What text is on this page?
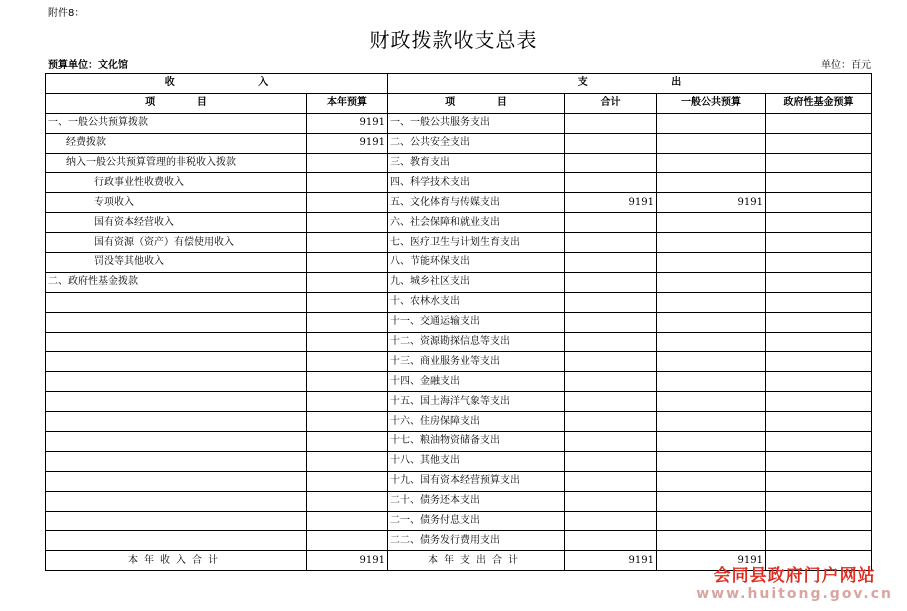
附件8：
财政拨款收支总表
预算单位：文化馆	单位：百元
收                        入		支                        出			
项            目	本年预算	项            目	合计	一般公共预算	政府性基金预算
一、一般公共预算拨款	9191	一、一般公共服务支出			
经费拨款	9191	二、公共安全支出			
纳入一般公共预算管理的非税收入拨款		三、教育支出			
行政事业性收费收入		四、科学技术支出			
专项收入		五、文化体育与传媒支出	9191	9191	
国有资本经营收入		六、社会保障和就业支出			
国有资源（资产）有偿使用收入		七、医疗卫生与计划生育支出			
罚没等其他收入		八、节能环保支出			
二、政府性基金拨款		九、城乡社区支出			
		十、农林水支出			
		十一、交通运输支出			
		十二、资源勘探信息等支出			
		十三、商业服务业等支出			
		十四、金融支出			
		十五、国土海洋气象等支出			
		十六、住房保障支出			
		十七、粮油物资储备支出			
		十八、其他支出			
		十九、国有资本经营预算支出			
		二十、债务还本支出			
		二一、债务付息支出			
		二二、债务发行费用支出			
本年收入合计	9191	本年支出合计	9191	9191	
会同县政府门户网站
www.huitong.gov.cn
